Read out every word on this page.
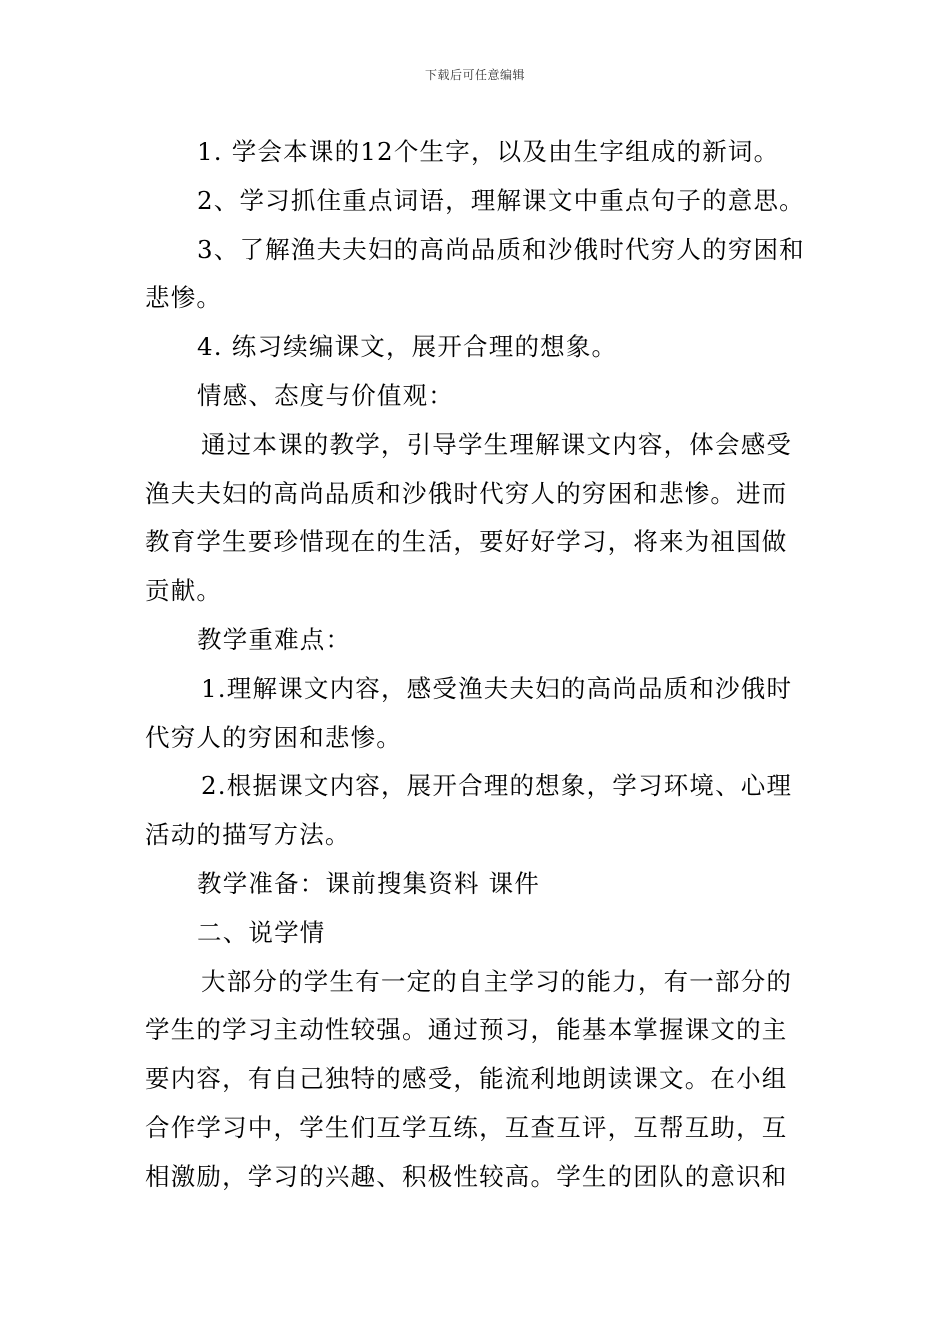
下载后可任意编辑

1. 学会本课的12个生字，以及由生字组成的新词。

2、学习抓住重点词语，理解课文中重点句子的意思。

3、了解渔夫夫妇的高尚品质和沙俄时代穷人的穷困和悲惨。

4. 练习续编课文，展开合理的想象。

情感、态度与价值观：

通过本课的教学，引导学生理解课文内容，体会感受渔夫夫妇的高尚品质和沙俄时代穷人的穷困和悲惨。进而教育学生要珍惜现在的生活，要好好学习，将来为祖国做贡献。

教学重难点：

1.理解课文内容，感受渔夫夫妇的高尚品质和沙俄时代穷人的穷困和悲惨。

2.根据课文内容，展开合理的想象，学习环境、心理活动的描写方法。

教学准备：课前搜集资料 课件

二、说学情

大部分的学生有一定的自主学习的能力，有一部分的学生的学习主动性较强。通过预习，能基本掌握课文的主要内容，有自己独特的感受，能流利地朗读课文。在小组合作学习中，学生们互学互练，互查互评，互帮互助，互相激励，学习的兴趣、积极性较高。学生的团队的意识和
